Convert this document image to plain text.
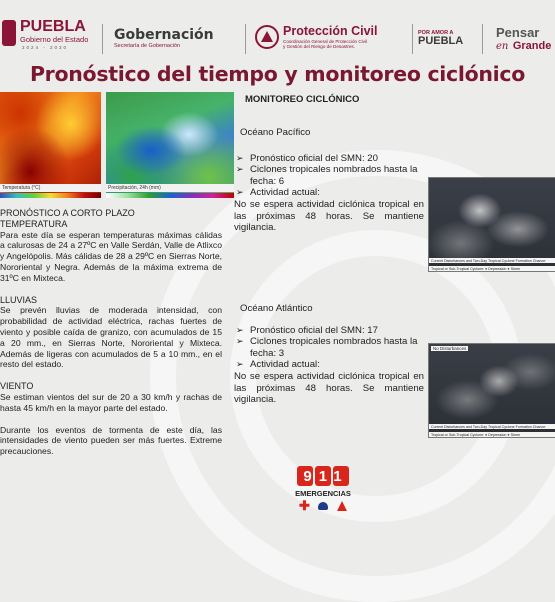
PUEBLA
Gobierno del Estado
2024 - 2030
Gobernación
Secretaría de Gobernación
Protección Civil
Coordinación General de Protección Civil
y Gestión del Riesgo de Desastres.
POR AMOR A
PUEBLA
Pensar
en Grande
Pronóstico del tiempo y monitoreo ciclónico
Temperatura (°C)	Precipitación, 24h (mm)

PRONÓSTICO A CORTO PLAZO

TEMPERATURA

Para este día se esperan temperaturas máximas cálidas a calurosas de 24 a 27ºC en Valle Serdán, Valle de Atlixco y Angelópolis. Más cálidas de 28 a 29ºC en Sierras Norte, Nororiental y Negra. Además de la máxima extrema de 31ºC en Mixteca.

LLUVIAS

Se prevén lluvias de moderada intensidad, con probabilidad de actividad eléctrica, rachas fuertes de viento y posible caída de granizo, con acumulados de 15 a 20 mm., en Sierras Norte, Nororiental y Mixteca. Además de ligeras con acumulados de 5 a 10 mm., en el resto del estado.

VIENTO

Se estiman vientos del sur de 20 a 30 km/h y rachas de hasta 45 km/h en la mayor parte del estado.

Durante los eventos de tormenta de este día, las intensidades de viento pueden ser más fuertes. Extreme precauciones.

MONITOREO CICLÓNICO
Océano Pacífico
➢ Pronóstico oficial del SMN: 20
➢ Ciclones tropicales nombrados hasta la fecha: 6
➢ Actividad actual:
No se espera actividad ciclónica tropical en las próximas 48 horas. Se mantiene vigilancia.
Current Disturbances and Two-Day Tropical Cyclone Formation Chance:
Tropical or Sub-Tropical Cyclone: ● Depression ● Storm
Océano Atlántico
➢ Pronóstico oficial del SMN: 17
➢ Ciclones tropicales nombrados hasta la fecha: 3
➢ Actividad actual:
No se espera actividad ciclónica tropical en las próximas 48 horas. Se mantiene vigilancia.
No Disturbances
Current Disturbances and Two-Day Tropical Cyclone Formation Chance:
Tropical or Sub-Tropical Cyclone: ● Depression ● Storm
911
EMERGENCIAS
✚
